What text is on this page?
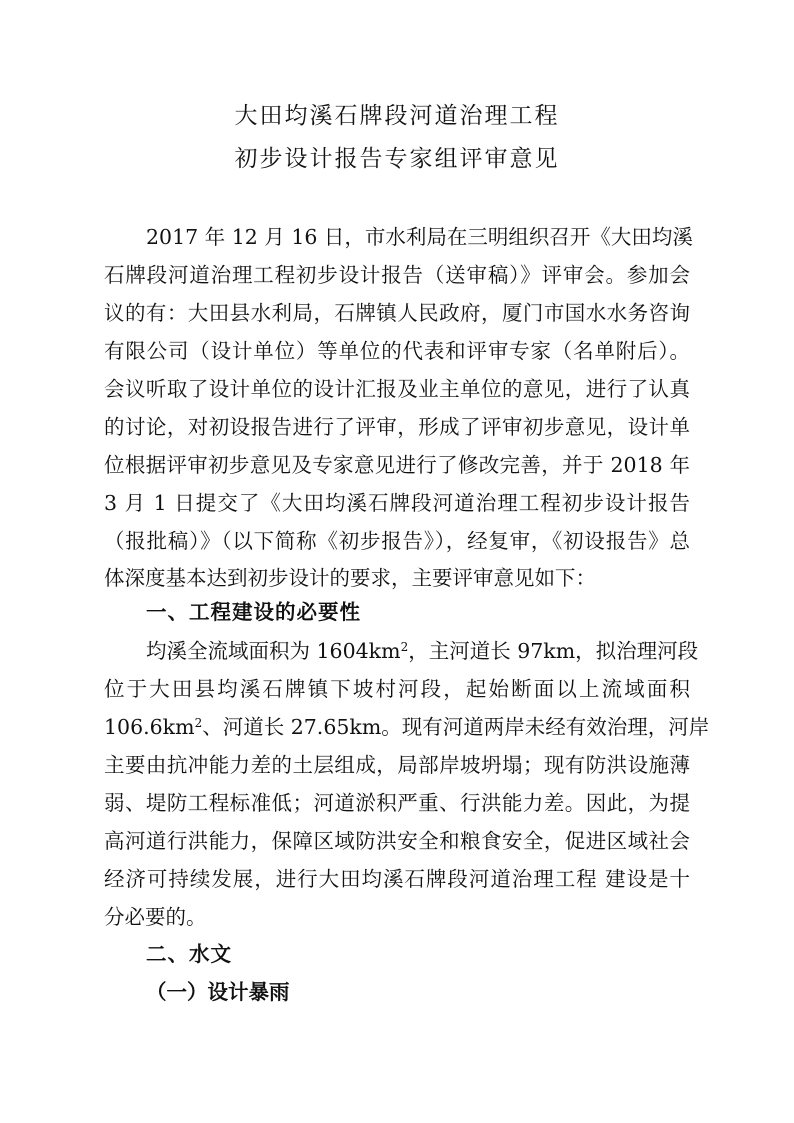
大田均溪石牌段河道治理工程
初步设计报告专家组评审意见
2017 年 12 月 16 日，市水利局在三明组织召开《大田均溪
石牌段河道治理工程初步设计报告（送审稿）》评审会。参加会
议的有：大田县水利局，石牌镇人民政府，厦门市国水水务咨询
有限公司（设计单位）等单位的代表和评审专家（名单附后）。
会议听取了设计单位的设计汇报及业主单位的意见，进行了认真
的讨论，对初设报告进行了评审，形成了评审初步意见，设计单
位根据评审初步意见及专家意见进行了修改完善，并于 2018 年
3 月 1 日提交了《大田均溪石牌段河道治理工程初步设计报告
（报批稿）》（以下简称《初步报告》），经复审，《初设报告》总
体深度基本达到初步设计的要求，主要评审意见如下：
一、工程建设的必要性
均溪全流域面积为 $1604km^2$，主河道长 97km，拟治理河段
位于大田县均溪石牌镇下坡村河段，起始断面以上流域面积
$106.6km^2$、河道长 27.65km。现有河道两岸未经有效治理，河岸
主要由抗冲能力差的土层组成，局部岸坡坍塌；现有防洪设施薄
弱、堤防工程标准低；河道淤积严重、行洪能力差。因此，为提
高河道行洪能力，保障区域防洪安全和粮食安全，促进区域社会
经济可持续发展，进行大田均溪石牌段河道治理工程 建设是十
分必要的。
二、水文
（一）设计暴雨
